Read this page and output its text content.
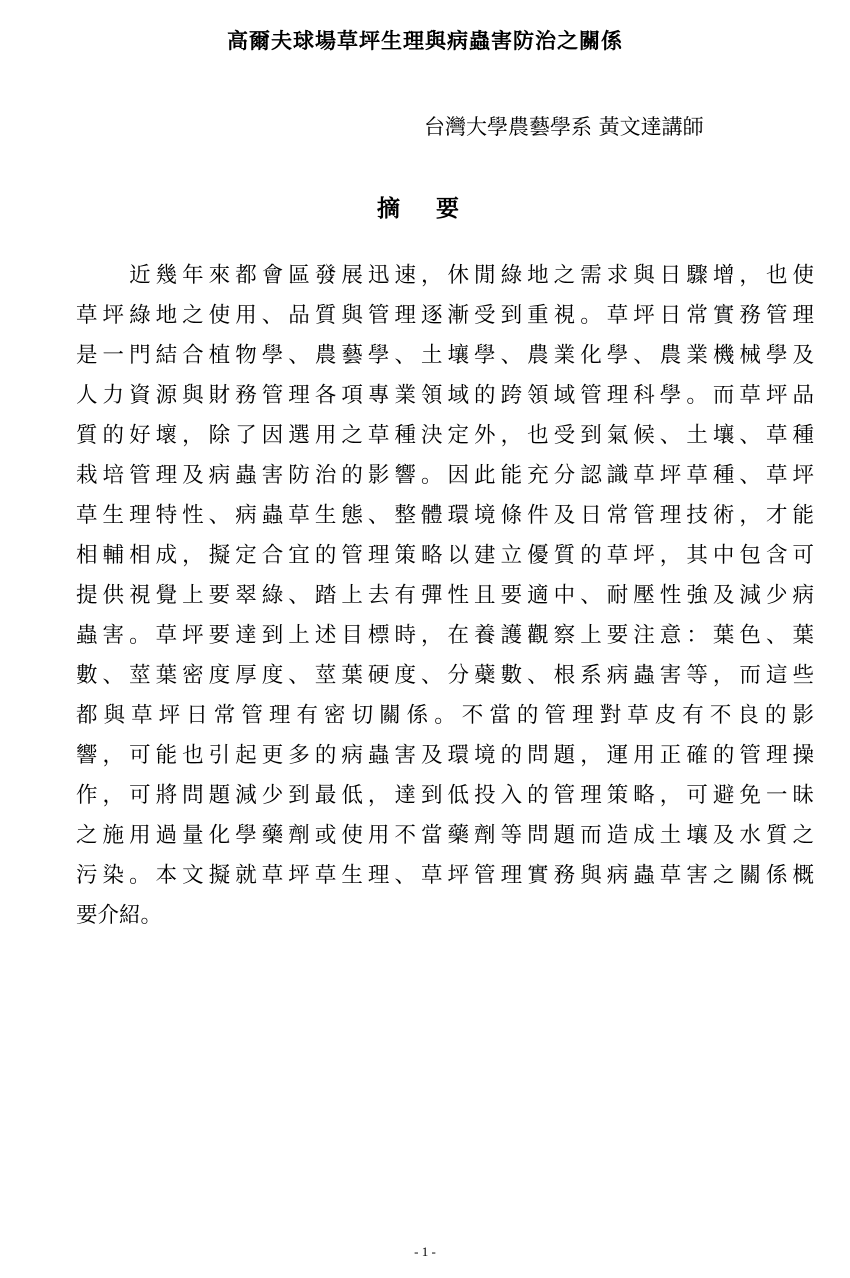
高爾夫球場草坪生理與病蟲害防治之關係
台灣大學農藝學系 黃文達講師
摘 要
　　近幾年來都會區發展迅速，休閒綠地之需求與日驟增，也使
草坪綠地之使用、品質與管理逐漸受到重視。草坪日常實務管理
是一門結合植物學、農藝學、土壤學、農業化學、農業機械學及
人力資源與財務管理各項專業領域的跨領域管理科學。而草坪品
質的好壞，除了因選用之草種決定外，也受到氣候、土壤、草種
栽培管理及病蟲害防治的影響。因此能充分認識草坪草種、草坪
草生理特性、病蟲草生態、整體環境條件及日常管理技術，才能
相輔相成，擬定合宜的管理策略以建立優質的草坪，其中包含可
提供視覺上要翠綠、踏上去有彈性且要適中、耐壓性強及減少病
蟲害。草坪要達到上述目標時，在養護觀察上要注意：葉色、葉
數、莖葉密度厚度、莖葉硬度、分蘗數、根系病蟲害等，而這些
都與草坪日常管理有密切關係。不當的管理對草皮有不良的影
響，可能也引起更多的病蟲害及環境的問題，運用正確的管理操
作，可將問題減少到最低，達到低投入的管理策略，可避免一昧
之施用過量化學藥劑或使用不當藥劑等問題而造成土壤及水質之
污染。本文擬就草坪草生理、草坪管理實務與病蟲草害之關係概
要介紹。
- 1 -
